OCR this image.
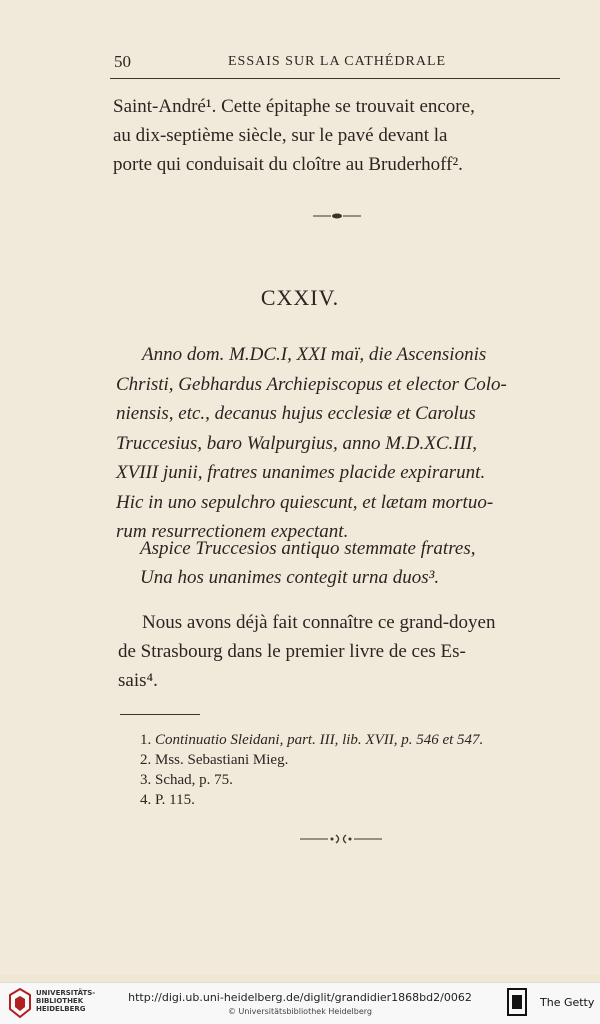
50	ESSAIS SUR LA CATHÉDRALE
Saint-André¹. Cette épitaphe se trouvait encore,
au dix-septième siècle, sur le pavé devant la
porte qui conduisait du cloître au Bruderhoff².
CXXIV.
Anno dom. M.DC.I, XXI maï, die Ascensionis
Christi, Gebhardus Archiepiscopus et elector Colo-
niensis, etc., decanus hujus ecclesiæ et Carolus
Truccesius, baro Walpurgius, anno M.D.XC.III,
XVIII junii, fratres unanimes placide expirarunt.
Hic in uno sepulchro quiescunt, et lætam mortuo-
rum resurrectionem expectant.
Aspice Truccesios antiquo stemmate fratres,
Una hos unanimes contegit urna duos³.
Nous avons déjà fait connaître ce grand-doyen
de Strasbourg dans le premier livre de ces Es-
sais⁴.
1. Continuatio Sleidani, part. III, lib. XVII, p. 546 et 547.
2. Mss. Sebastiani Mieg.
3. Schad, p. 75.
4. P. 115.
UNIVERSITÄTS-
BIBLIOTHEK
HEIDELBERG
http://digi.ub.uni-heidelberg.de/diglit/grandidier1868bd2/0062
© Universitätsbibliothek Heidelberg
The Getty
